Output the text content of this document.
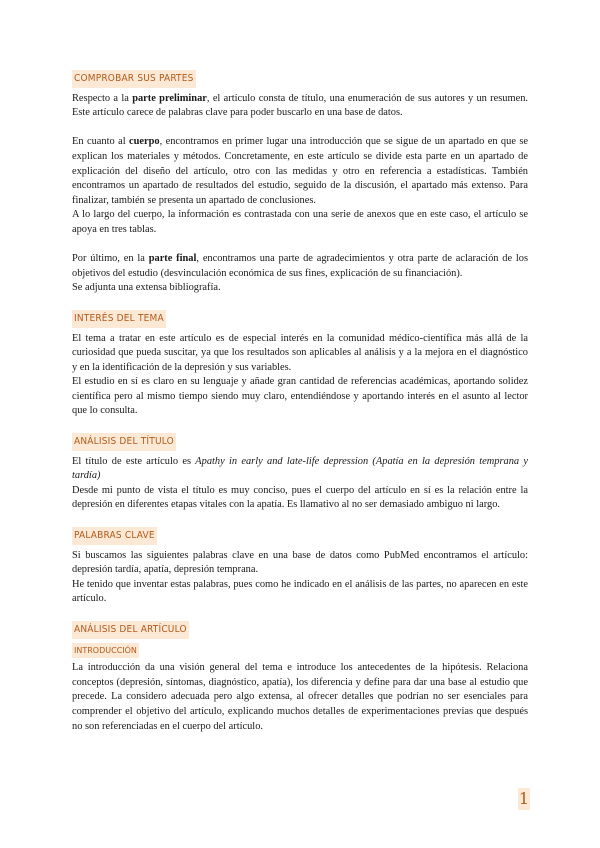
COMPROBAR SUS PARTES

Respecto a la parte preliminar, el artículo consta de título, una enumeración de sus autores y un resumen. Este artículo carece de palabras clave para poder buscarlo en una base de datos.

En cuanto al cuerpo, encontramos en primer lugar una introducción que se sigue de un apartado en que se explican los materiales y métodos. Concretamente, en este artículo se divide esta parte en un apartado de explicación del diseño del artículo, otro con las medidas y otro en referencia a estadísticas. También encontramos un apartado de resultados del estudio, seguido de la discusión, el apartado más extenso. Para finalizar, también se presenta un apartado de conclusiones.

A lo largo del cuerpo, la información es contrastada con una serie de anexos que en este caso, el artículo se apoya en tres tablas.

Por último, en la parte final, encontramos una parte de agradecimientos y otra parte de aclaración de los objetivos del estudio (desvinculación económica de sus fines, explicación de su financiación).

Se adjunta una extensa bibliografía.

INTERÉS DEL TEMA

El tema a tratar en este artículo es de especial interés en la comunidad médico-científica más allá de la curiosidad que pueda suscitar, ya que los resultados son aplicables al análisis y a la mejora en el diagnóstico y en la identificación de la depresión y sus variables.

El estudio en sí es claro en su lenguaje y añade gran cantidad de referencias académicas, aportando solidez científica pero al mismo tiempo siendo muy claro, entendiéndose y aportando interés en el asunto al lector que lo consulta.

ANÁLISIS DEL TÍTULO

El título de este artículo es Apathy in early and late-life depression (Apatía en la depresión temprana y tardía)

Desde mi punto de vista el título es muy conciso, pues el cuerpo del artículo en sí es la relación entre la depresión en diferentes etapas vitales con la apatía. Es llamativo al no ser demasiado ambiguo ni largo.

PALABRAS CLAVE

Si buscamos las siguientes palabras clave en una base de datos como PubMed encontramos el artículo: depresión tardía, apatía, depresión temprana.

He tenido que inventar estas palabras, pues como he indicado en el análisis de las partes, no aparecen en este artículo.

ANÁLISIS DEL ARTÍCULO
INTRODUCCIÓN

La introducción da una visión general del tema e introduce los antecedentes de la hipótesis. Relaciona conceptos (depresión, síntomas, diagnóstico, apatía), los diferencia y define para dar una base al estudio que precede. La considero adecuada pero algo extensa, al ofrecer detalles que podrían no ser esenciales para comprender el objetivo del artículo, explicando muchos detalles de experimentaciones previas que después no son referenciadas en el cuerpo del artículo.

1
